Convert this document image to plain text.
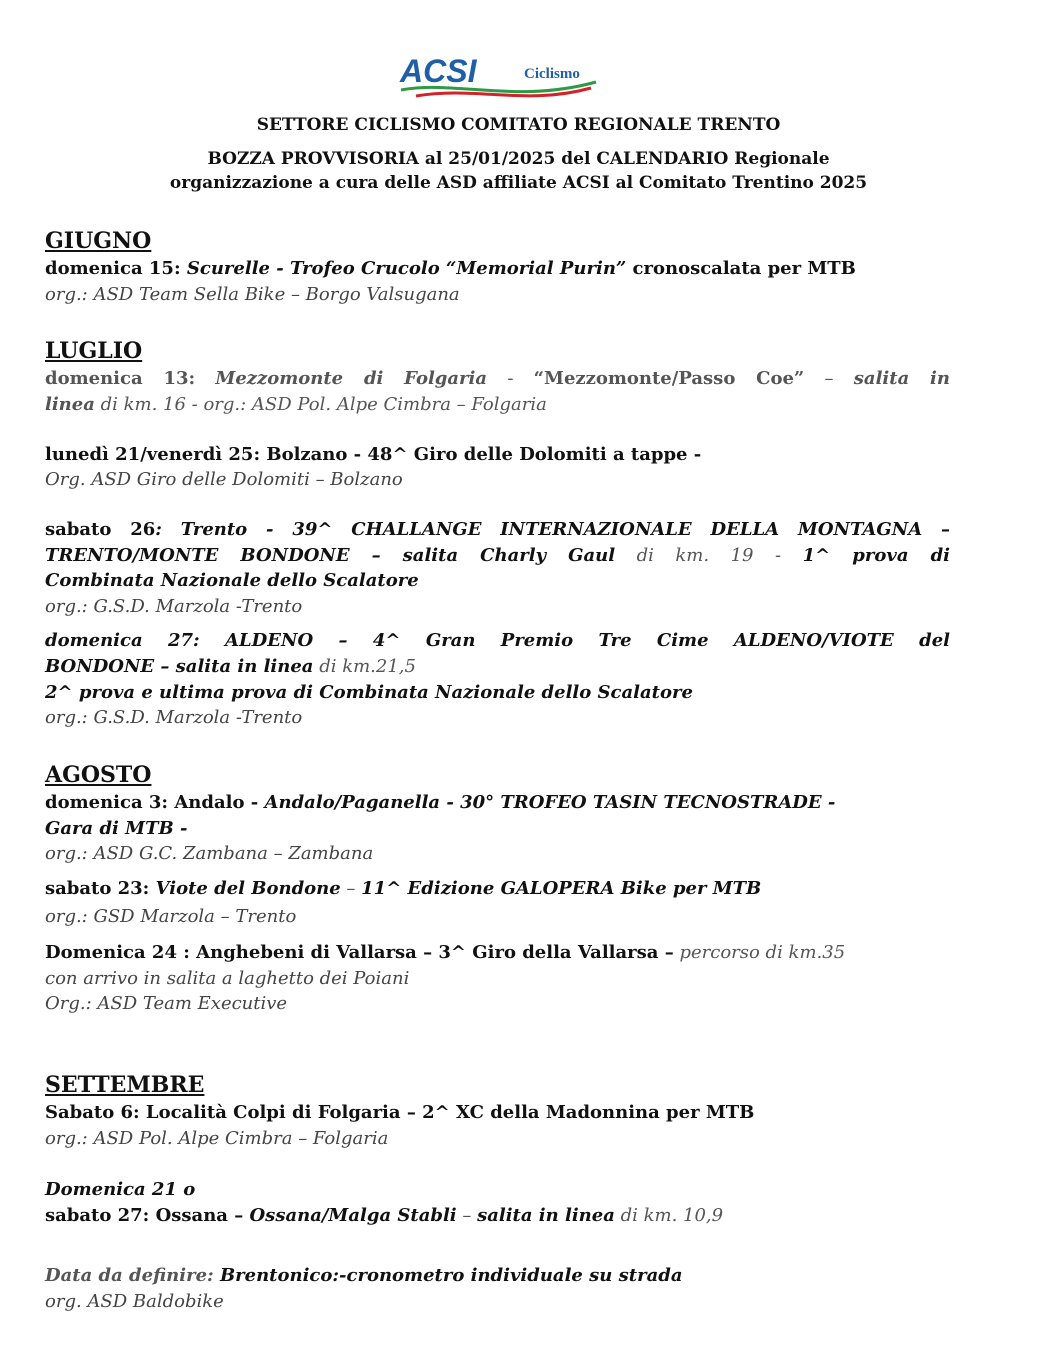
ACSI	Ciclismo
SETTORE CICLISMO COMITATO REGIONALE TRENTO
BOZZA PROVVISORIA al 25/01/2025 del CALENDARIO Regionale
organizzazione a cura delle ASD affiliate ACSI al Comitato Trentino 2025
GIUGNO
domenica 15: Scurelle - Trofeo Crucolo “Memorial Purin” cronoscalata per MTB
org.: ASD Team Sella Bike – Borgo Valsugana
LUGLIO
domenica 13: Mezzomonte di Folgaria - “Mezzomonte/Passo Coe” – salita in
linea di km. 16 - org.: ASD Pol. Alpe Cimbra – Folgaria
lunedì 21/venerdì 25: Bolzano - 48^ Giro delle Dolomiti a tappe -
Org. ASD Giro delle Dolomiti – Bolzano
sabato 26: Trento - 39^ CHALLANGE INTERNAZIONALE DELLA MONTAGNA –
TRENTO/MONTE BONDONE – salita Charly Gaul di km. 19 - 1^ prova di
Combinata Nazionale dello Scalatore
org.: G.S.D. Marzola -Trento
domenica 27: ALDENO – 4^ Gran Premio Tre Cime ALDENO/VIOTE del
BONDONE – salita in linea di km.21,5
2^ prova e ultima prova di Combinata Nazionale dello Scalatore
org.: G.S.D. Marzola -Trento
AGOSTO
domenica 3: Andalo - Andalo/Paganella - 30° TROFEO TASIN TECNOSTRADE -
Gara di MTB -
org.: ASD G.C. Zambana – Zambana
sabato 23: Viote del Bondone – 11^ Edizione GALOPERA Bike per MTB
org.: GSD Marzola – Trento
Domenica 24 : Anghebeni di Vallarsa – 3^ Giro della Vallarsa – percorso di km.35
con arrivo in salita a laghetto dei Poiani
Org.: ASD Team Executive
SETTEMBRE
Sabato 6: Località Colpi di Folgaria – 2^ XC della Madonnina per MTB
org.: ASD Pol. Alpe Cimbra – Folgaria
Domenica 21 o
sabato 27: Ossana – Ossana/Malga Stabli – salita in linea di km. 10,9
Data da definire: Brentonico:-cronometro individuale su strada
org. ASD Baldobike
